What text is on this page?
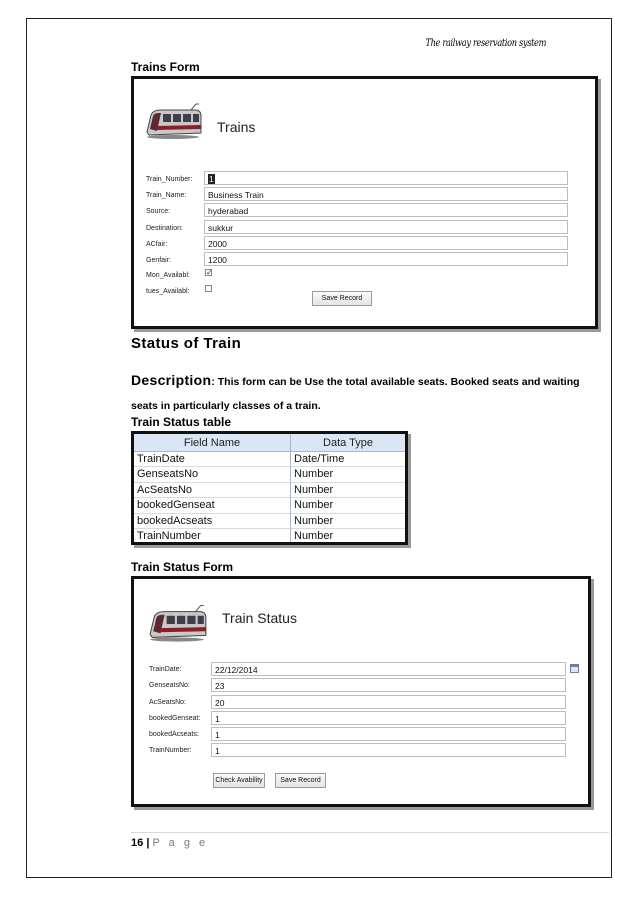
The railway reservation system
Trains Form
Trains
Train_Number:	1
Train_Name:	Business Train
Source:	hyderabad
Destination:	sukkur
ACfair:	2000
Genfair:	1200
Mon_Availabl: ✓
tues_Availabl:
Save Record
Status of Train
Description: This form can be Use the total available seats. Booked seats and waiting seats in particularly classes of a train.
Train Status table
Field Name	Data Type
TrainDate	Date/Time
GenseatsNo	Number
AcSeatsNo	Number
bookedGenseat	Number
bookedAcseats	Number
TrainNumber	Number
Train Status Form
Train Status
TrainDate:	22/12/2014
GenseatsNo:	23
AcSeatsNo:	20
bookedGenseat:	1
bookedAcseats:	1
TrainNumber:	1
Check Avability	Save Record
16 | P a g e
